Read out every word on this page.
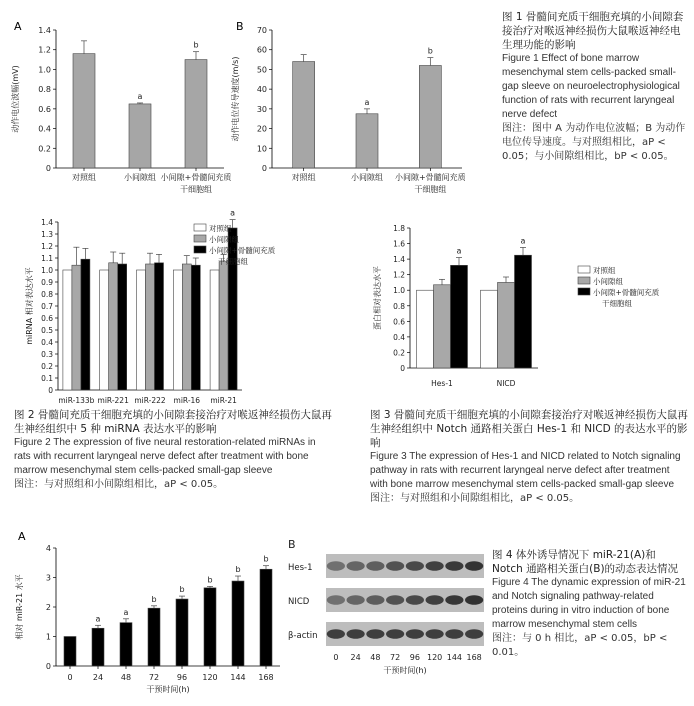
A	B
0
0.2
0.4
0.6
0.8
1.0
1.2
1.4
动作电位波幅(mV)
对照组
a
小间隙组
b
小间隙+骨髓间充质
干细胞组
0
10
20
30
40
50
60
70
动作电位传导速度(m/s)
对照组
a
小间隙组
b
小间隙+骨髓间充质
干细胞组
图 1 骨髓间充质干细胞充填的小间隙套接治疗对喉返神经损伤大鼠喉返神经电生理功能的影响
Figure 1 Effect of bone marrow mesenchymal stem cells-packed small-gap sleeve on neuroelectrophysiological function of rats with recurrent laryngeal nerve defect
图注：图中 A 为动作电位波幅；B 为动作电位传导速度。与对照组相比，aP < 0.05；与小间隙组相比，bP < 0.05。
0
0.1
0.2
0.3
0.4
0.5
0.6
0.7
0.8
0.9
1.0
1.1
1.2
1.3
1.4
miRNA 相对表达水平
miR-133b miR-221 miR-222 miR-16
a
miR-21
对照组
小间隙组
小间隙+骨髓间充质
干细胞组
0
0.2
0.4
0.6
0.8
1.0
1.2
1.4
1.6
1.8
蛋白相对表达水平
a
Hes-1
a
NICD
对照组
小间隙组
小间隙+骨髓间充质
干细胞组
图 2 骨髓间充质干细胞充填的小间隙套接治疗对喉返神经损伤大鼠再生神经组织中 5 种 miRNA 表达水平的影响
Figure 2 The expression of five neural restoration-related miRNAs in rats with recurrent laryngeal nerve defect after treatment with bone marrow mesenchymal stem cells-packed small-gap sleeve
图注：与对照组和小间隙组相比，aP < 0.05。
图 3 骨髓间充质干细胞充填的小间隙套接治疗对喉返神经损伤大鼠再生神经组织中 Notch 通路相关蛋白 Hes-1 和 NICD 的表达水平的影响
Figure 3 The expression of Hes-1 and NICD related to Notch signaling pathway in rats with recurrent laryngeal nerve defect after treatment with bone marrow mesenchymal stem cells-packed small-gap sleeve
图注：与对照组和小间隙组相比，aP < 0.05。
A
0
1
2
3
4
相对 miR-21 水平
0
a
24
a
48
b
72
b
96
b
120
b
144
b
168
干预时间(h)
B
Hes-1
NICD
β-actin
0 24 48 72 96 120 144 168
干预时间(h)
图 4 体外诱导情况下 miR-21(A)和 Notch 通路相关蛋白(B)的动态表达情况
Figure 4 The dynamic expression of miR-21 and Notch signaling pathway-related proteins during in vitro induction of bone marrow mesenchymal stem cells
图注：与 0 h 相比，aP < 0.05，bP < 0.01。
